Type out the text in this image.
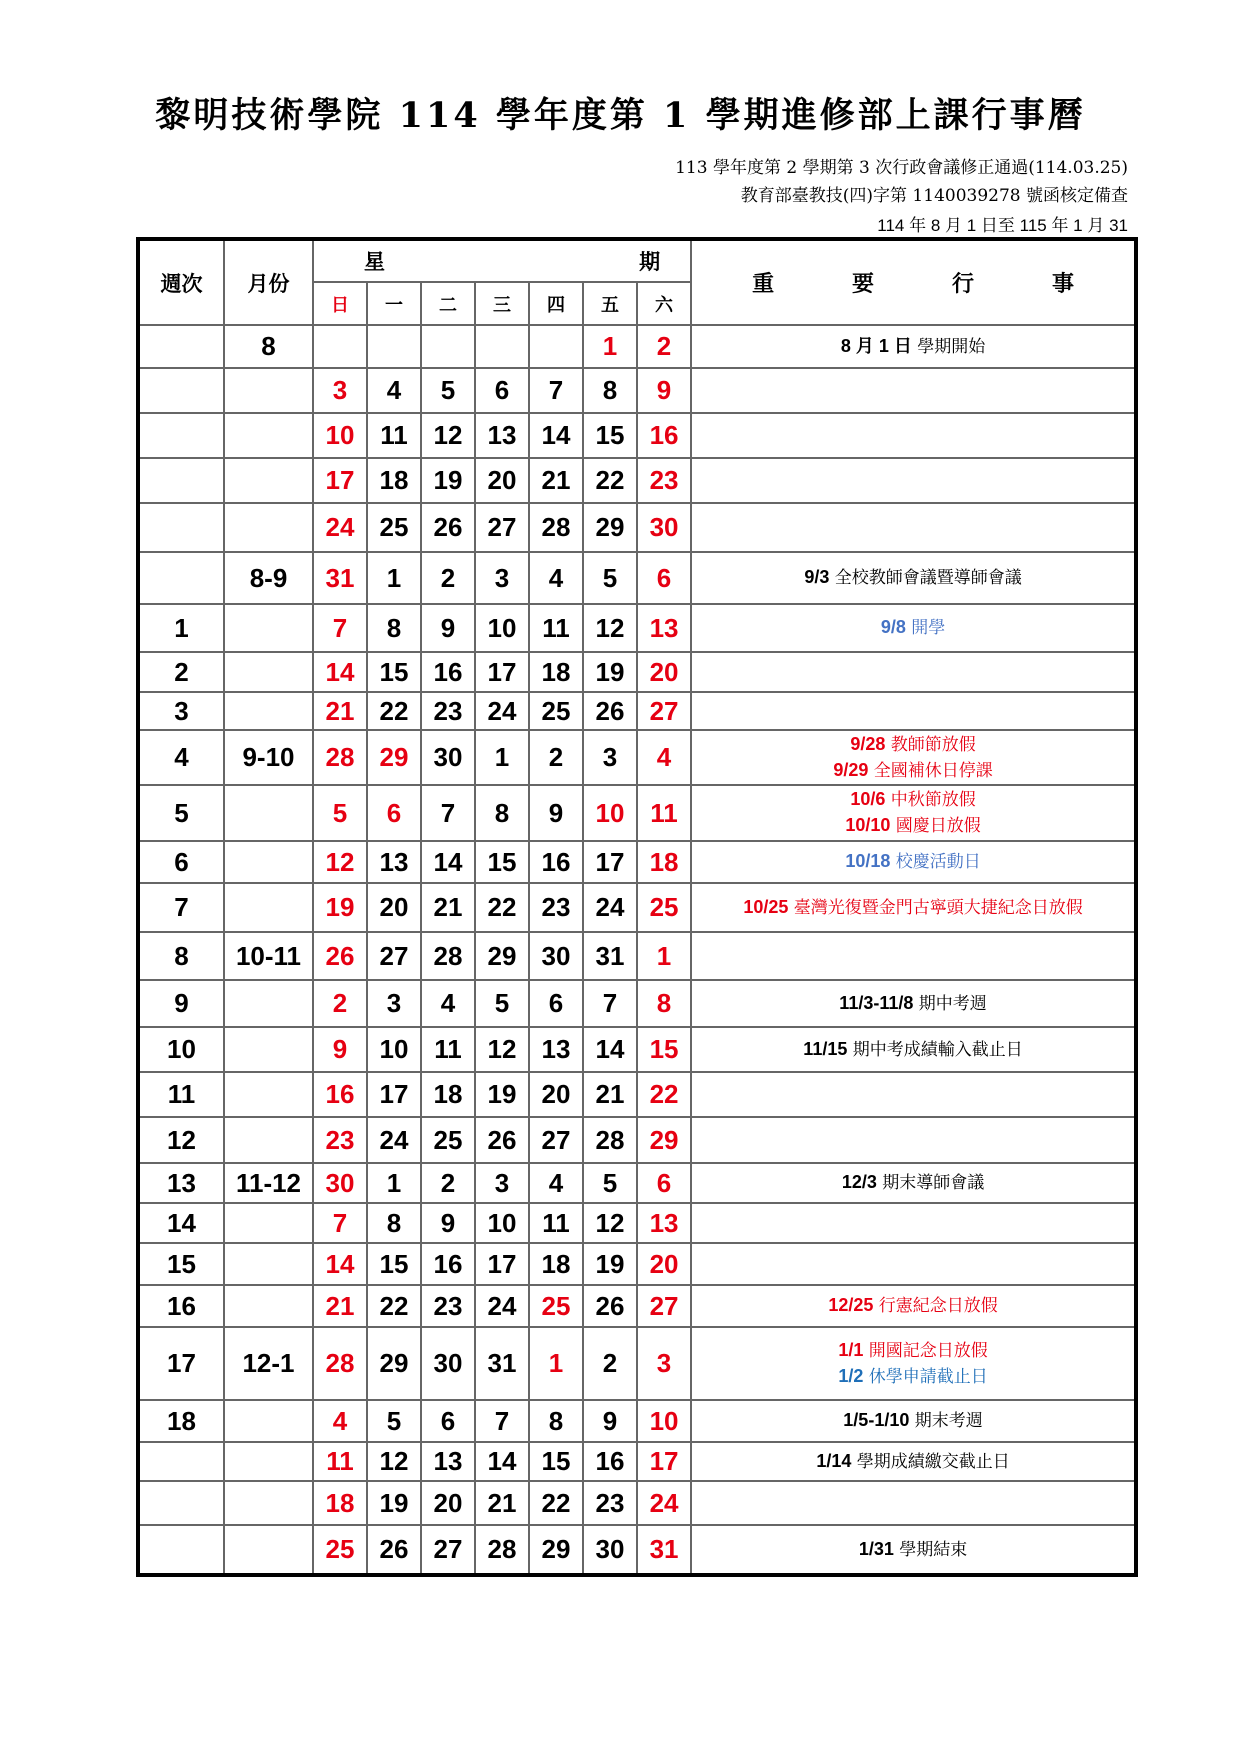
黎明技術學院 114 學年度第 1 學期進修部上課行事曆
113 學年度第 2 學期第 3 次行政會議修正通過(114.03.25)
教育部臺教技(四)字第 1140039278 號函核定備查
114 年 8 月 1 日至 115 年 1 月 31
週次	月份	星 期							重 要 行 事

		日	一	二	三	四	五	六	
	8						1	2	8 月 1 日 學期開始

		3	4	5	6	7	8	9	
		10	11	12	13	14	15	16	
		17	18	19	20	21	22	23	
		24	25	26	27	28	29	30	
	8-9	31	1	2	3	4	5	6	9/3 全校教師會議暨導師會議

1		7	8	9	10	11	12	13	9/8 開學

2		14	15	16	17	18	19	20	
3		21	22	23	24	25	26	27	
4	9-10	28	29	30	1	2	3	4	9/28 教師節放假
9/29 全國補休日停課

5		5	6	7	8	9	10	11	10/6 中秋節放假
10/10 國慶日放假

6		12	13	14	15	16	17	18	10/18 校慶活動日

7		19	20	21	22	23	24	25	10/25 臺灣光復暨金門古寧頭大捷紀念日放假

8	10-11	26	27	28	29	30	31	1	
9		2	3	4	5	6	7	8	11/3-11/8 期中考週

10		9	10	11	12	13	14	15	11/15 期中考成績輸入截止日

11		16	17	18	19	20	21	22	
12		23	24	25	26	27	28	29	
13	11-12	30	1	2	3	4	5	6	12/3 期末導師會議

14		7	8	9	10	11	12	13	
15		14	15	16	17	18	19	20	
16		21	22	23	24	25	26	27	12/25 行憲紀念日放假

17	12-1	28	29	30	31	1	2	3	1/1 開國記念日放假
1/2 休學申請截止日

18		4	5	6	7	8	9	10	1/5-1/10 期末考週

		11	12	13	14	15	16	17	1/14 學期成績繳交截止日

		18	19	20	21	22	23	24	
		25	26	27	28	29	30	31	1/31 學期結束
